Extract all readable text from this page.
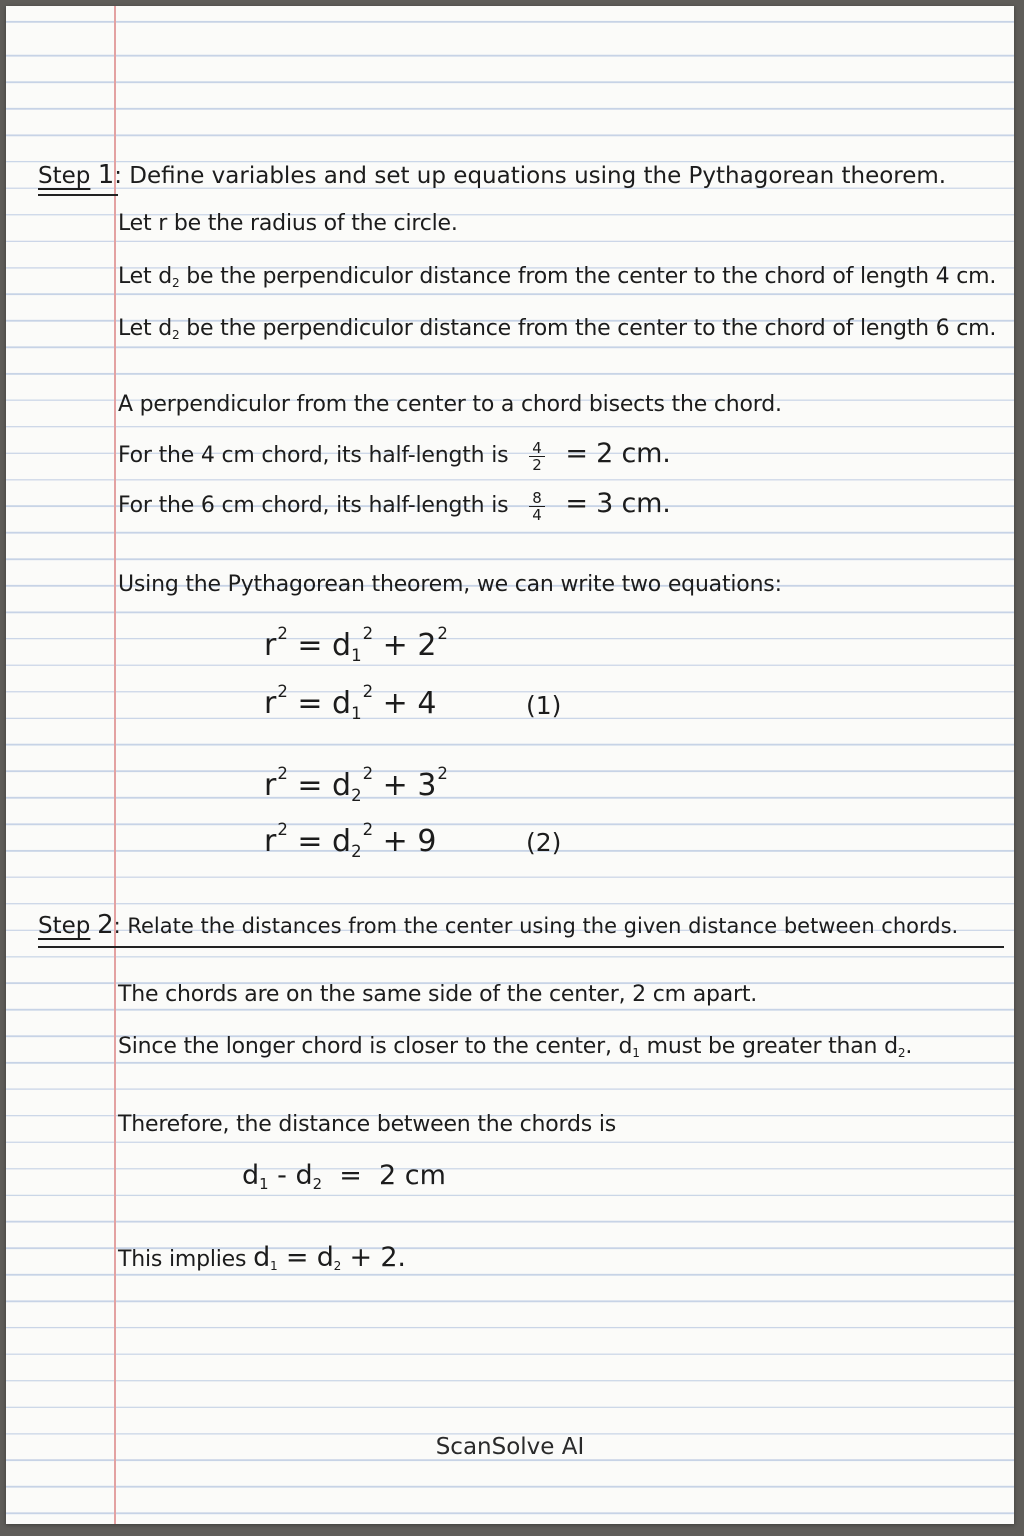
Step 1: Define variables and set up equations using the Pythagorean theorem.
Let r be the radius of the circle.
Let $d_2$ be the perpendiculor distance from the center to the chord of length 4 cm.
Let $d_2$ be the perpendiculor distance from the center to the chord of length 6 cm.
A perpendiculor from the center to a chord bisects the chord.
For the 4 cm chord, its half-length is $\frac{4}{2} = 2$ cm.
For the 6 cm chord, its half-length is $\frac{8}{4} = 3$ cm.
Using the Pythagorean theorem, we can write two equations:
$r^2 = d_1^2 + 2^2$
$r^2 = d_1^2 + 4$	(1)
$r^2 = d_2^2 + 3^2$
$r^2 = d_2^2 + 9$	(2)
Step 2: Relate the distances from the center using the given distance between chords.
The chords are on the same side of the center, 2 cm apart.
Since the longer chord is closer to the center, $d_1$ must be greater than $d_2$.
Therefore, the distance between the chords is
$d_1 - d_2 = 2$ cm
This implies $d_1 = d_2 + 2$.
ScanSolve AI
